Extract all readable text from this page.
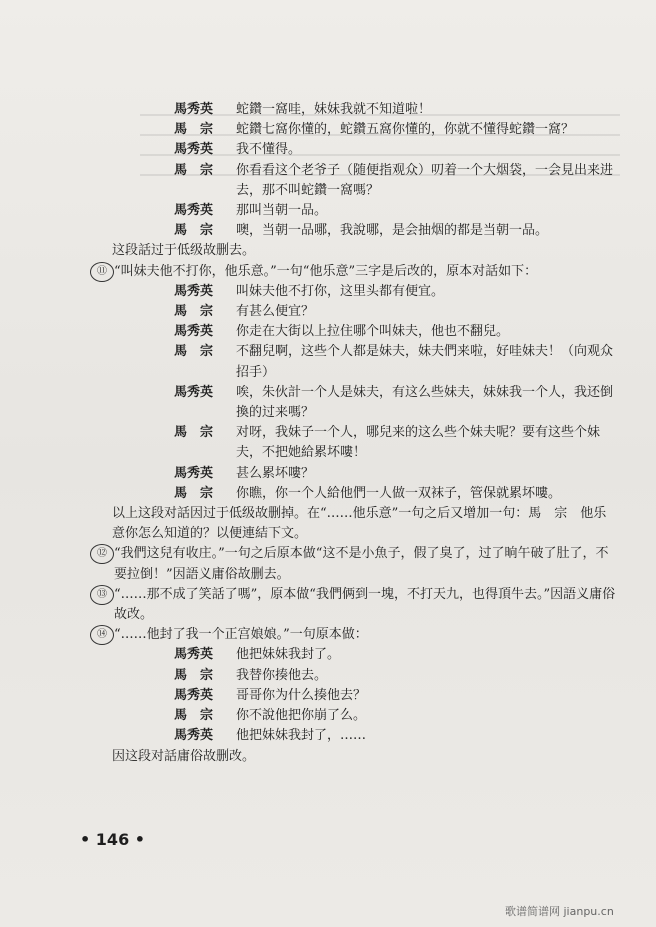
馬秀英	蛇鑽一窩哇，妹妹我就不知道啦！
馬　宗	蛇鑽七窩你懂的，蛇鑽五窩你懂的，你就不懂得蛇鑽一窩？
馬秀英	我不懂得。
馬　宗	你看看这个老爷子（随便指观众）叨着一个大烟袋，一会見出来进去，那不叫蛇鑽一窩嗎？
馬秀英	那叫当朝一品。
馬　宗	噢，当朝一品哪，我說哪，是会抽烟的都是当朝一品。
这段話过于低级故删去。
⑪ “叫妹夫他不打你，他乐意。”一句“他乐意”三字是后改的，原本对話如下：
馬秀英	叫妹夫他不打你，这里头都有便宜。
馬　宗	有甚么便宜？
馬秀英	你走在大街以上拉住哪个叫妹夫，他也不翻兒。
馬　宗	不翻兒啊，这些个人都是妹夫，妹夫們来啦，好哇妹夫！（向观众招手）
馬秀英	唉，朱伙計一个人是妹夫，有这么些妹夫，妹妹我一个人，我还倒換的过来嗎？
馬　宗	对呀，我妹子一个人，哪兒来的这么些个妹夫呢？要有这些个妹夫，不把她給累坏嘍！
馬秀英	甚么累坏嘍？
馬　宗	你瞧，你一个人給他們一人做一双袜子，管保就累坏嘍。
以上这段对話因过于低级故删掉。在“……他乐意”一句之后又增加一句：馬　宗　他乐意你怎么知道的？以便連結下文。
⑫ “我們这兒有收庄。”一句之后原本做“这不是小魚子，假了臭了，过了晌午破了肚了，不要拉倒！”因語义庸俗故删去。
⑬ “……那不成了笑話了嗎”，原本做“我們俩到一塊，不打天九，也得頂牛去。”因語义庸俗故改。
⑭ “……他封了我一个正宫娘娘。”一句原本做：
馬秀英	他把妹妹我封了。
馬　宗	我替你揍他去。
馬秀英	哥哥你为什么揍他去？
馬　宗	你不說他把你崩了么。
馬秀英	他把妹妹我封了，……
因这段对話庸俗故删改。
• 146 •
歌谱简谱网 jianpu.cn
